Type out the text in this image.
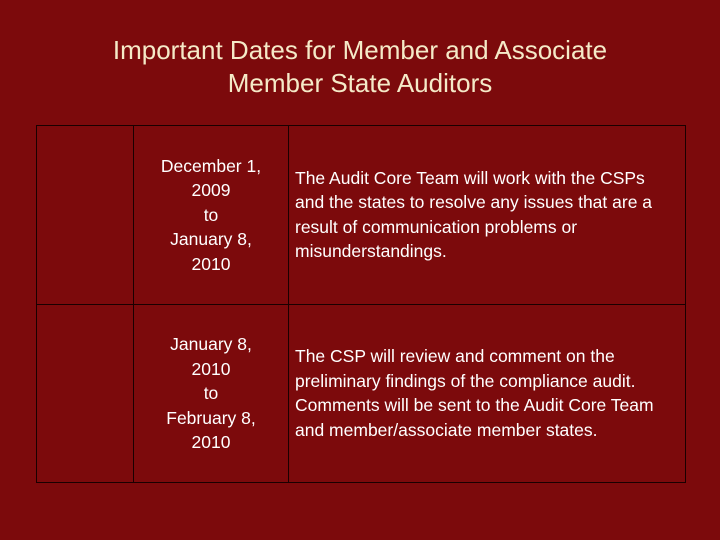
Important Dates for Member and Associate
Member State Auditors

	December 1,
2009
to
January 8,
2010	The Audit Core Team will work with the CSPs and the states to resolve any issues that are a result of communication problems or misunderstandings.

	January 8,
2010
to
February 8,
2010	The CSP will review and comment on the preliminary findings of the compliance audit. Comments will be sent to the Audit Core Team and member/associate member states.
